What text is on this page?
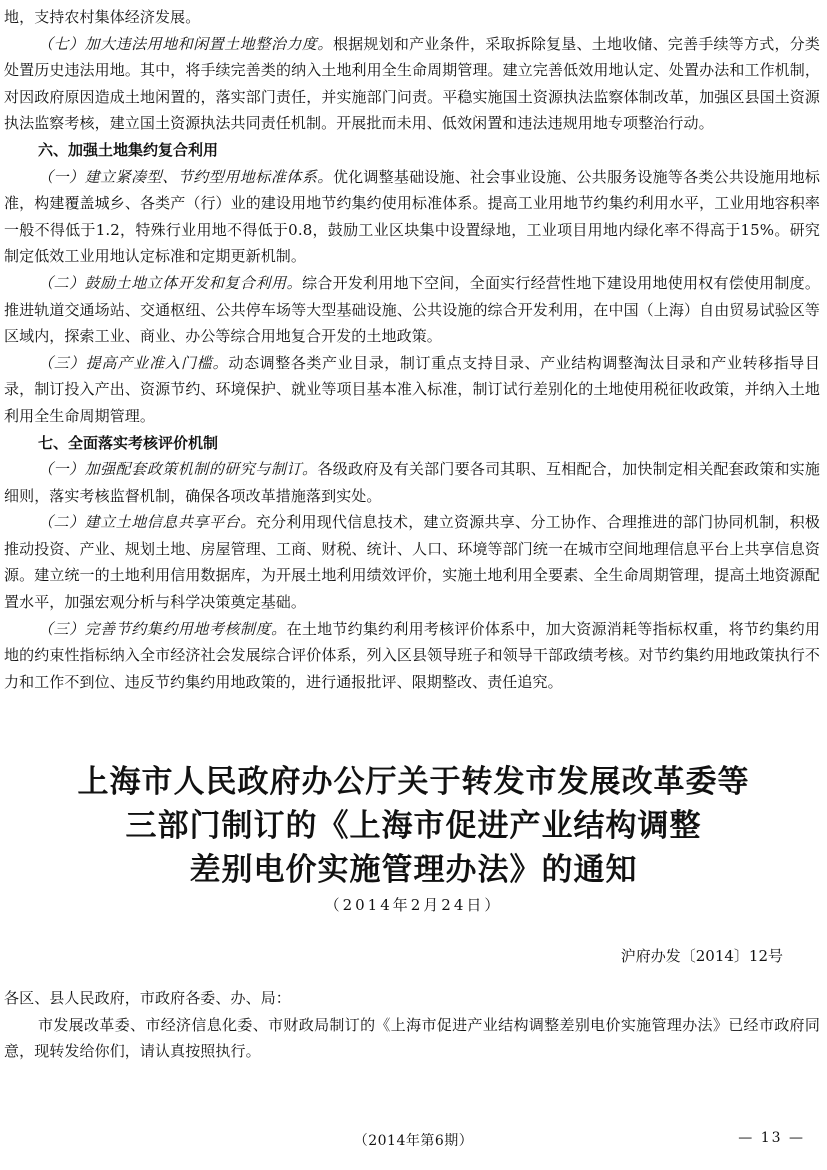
地，支持农村集体经济发展。

（七）加大违法用地和闲置土地整治力度。根据规划和产业条件，采取拆除复垦、土地收储、完善手续等方式，分类处置历史违法用地。其中，将手续完善类的纳入土地利用全生命周期管理。建立完善低效用地认定、处置办法和工作机制，对因政府原因造成土地闲置的，落实部门责任，并实施部门问责。平稳实施国土资源执法监察体制改革，加强区县国土资源执法监察考核，建立国土资源执法共同责任机制。开展批而未用、低效闲置和违法违规用地专项整治行动。

六、加强土地集约复合利用

（一）建立紧凑型、节约型用地标准体系。优化调整基础设施、社会事业设施、公共服务设施等各类公共设施用地标准，构建覆盖城乡、各类产（行）业的建设用地节约集约使用标准体系。提高工业用地节约集约利用水平，工业用地容积率一般不得低于1.2，特殊行业用地不得低于0.8，鼓励工业区块集中设置绿地，工业项目用地内绿化率不得高于15%。研究制定低效工业用地认定标准和定期更新机制。

（二）鼓励土地立体开发和复合利用。综合开发利用地下空间，全面实行经营性地下建设用地使用权有偿使用制度。推进轨道交通场站、交通枢纽、公共停车场等大型基础设施、公共设施的综合开发利用，在中国（上海）自由贸易试验区等区域内，探索工业、商业、办公等综合用地复合开发的土地政策。

（三）提高产业准入门槛。动态调整各类产业目录，制订重点支持目录、产业结构调整淘汰目录和产业转移指导目录，制订投入产出、资源节约、环境保护、就业等项目基本准入标准，制订试行差别化的土地使用税征收政策，并纳入土地利用全生命周期管理。

七、全面落实考核评价机制

（一）加强配套政策机制的研究与制订。各级政府及有关部门要各司其职、互相配合，加快制定相关配套政策和实施细则，落实考核监督机制，确保各项改革措施落到实处。

（二）建立土地信息共享平台。充分利用现代信息技术，建立资源共享、分工协作、合理推进的部门协同机制，积极推动投资、产业、规划土地、房屋管理、工商、财税、统计、人口、环境等部门统一在城市空间地理信息平台上共享信息资源。建立统一的土地利用信用数据库，为开展土地利用绩效评价，实施土地利用全要素、全生命周期管理，提高土地资源配置水平，加强宏观分析与科学决策奠定基础。

（三）完善节约集约用地考核制度。在土地节约集约利用考核评价体系中，加大资源消耗等指标权重，将节约集约用地的约束性指标纳入全市经济社会发展综合评价体系，列入区县领导班子和领导干部政绩考核。对节约集约用地政策执行不力和工作不到位、违反节约集约用地政策的，进行通报批评、限期整改、责任追究。

上海市人民政府办公厅关于转发市发展改革委等
三部门制订的《上海市促进产业结构调整
差别电价实施管理办法》的通知
（2014年2月24日）
沪府办发〔2014〕12号

各区、县人民政府，市政府各委、办、局：

市发展改革委、市经济信息化委、市财政局制订的《上海市促进产业结构调整差别电价实施管理办法》已经市政府同意，现转发给你们，请认真按照执行。

（2014年第6期）	— 13 —
